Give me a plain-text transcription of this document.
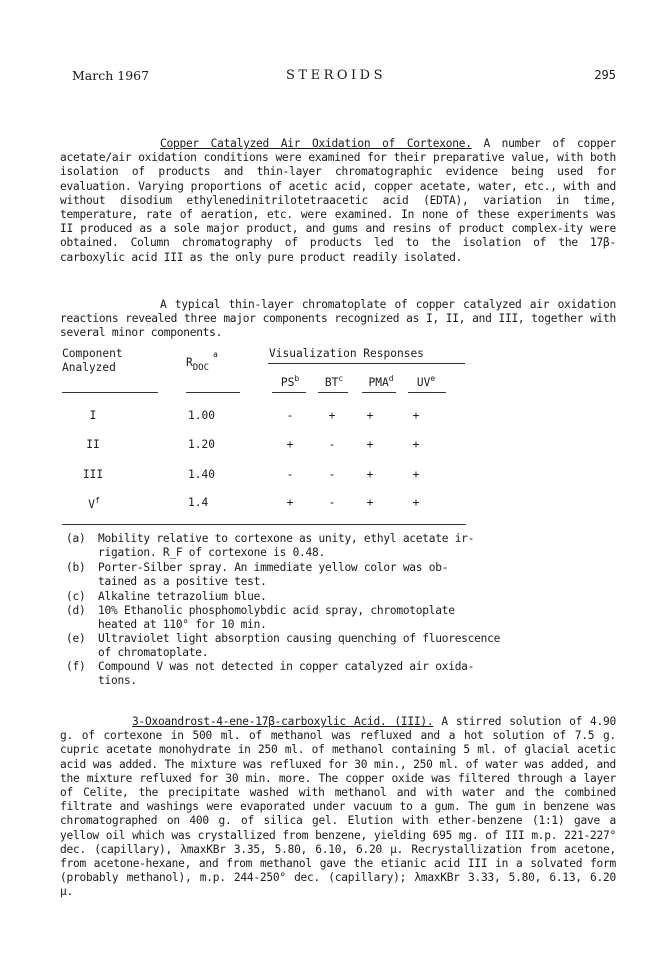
March 1967	STEROIDS	295

Copper Catalyzed Air Oxidation of Cortexone. A number of copper acetate/air oxidation conditions were examined for their preparative value, with both isolation of products and thin-layer chromatographic evidence being used for evaluation. Varying proportions of acetic acid, copper acetate, water, etc., with and without disodium ethylenedinitrilotetraacetic acid (EDTA), variation in time, temperature, rate of aeration, etc. were examined. In none of these experiments was II produced as a sole major product, and gums and resins of product complex-ity were obtained. Column chromatography of products led to the isolation of the 17β-carboxylic acid III as the only pure product readily isolated.

A typical thin-layer chromatoplate of copper catalyzed air oxidation reactions revealed three major components recognized as I, II, and III, together with several minor components.

Component
Analyzed	$R_{DOC}^a$	Visualization Responses
$PS^b$	$BT^c$	PMA$^d$	$UV^e$
I	1.00	-	+	+	+
II	1.20	+	-	+	+
III	1.40	-	-	+	+
$V^f$	1.4	+	-	+	+
(a) Mobility relative to cortexone as unity, ethyl acetate ir-
rigation. R_F of cortexone is 0.48.
(b) Porter-Silber spray. An immediate yellow color was ob-
tained as a positive test.
(c) Alkaline tetrazolium blue.
(d) 10% Ethanolic phosphomolybdic acid spray, chromotoplate
heated at 110° for 10 min.
(e) Ultraviolet light absorption causing quenching of fluorescence
of chromatoplate.
(f) Compound V was not detected in copper catalyzed air oxida-
tions.

3-Oxoandrost-4-ene-17β-carboxylic Acid. (III). A stirred solution of 4.90 g. of cortexone in 500 ml. of methanol was refluxed and a hot solution of 7.5 g. cupric acetate monohydrate in 250 ml. of methanol containing 5 ml. of glacial acetic acid was added. The mixture was refluxed for 30 min., 250 ml. of water was added, and the mixture refluxed for 30 min. more. The copper oxide was filtered through a layer of Celite, the precipitate washed with methanol and with water and the combined filtrate and washings were evaporated under vacuum to a gum. The gum in benzene was chromatographed on 400 g. of silica gel. Elution with ether-benzene (1:1) gave a yellow oil which was crystallized from benzene, yielding 695 mg. of III m.p. 221-227° dec. (capillary), λmaxKBr 3.35, 5.80, 6.10, 6.20 μ. Recrystallization from acetone, from acetone-hexane, and from methanol gave the etianic acid III in a solvated form (probably methanol), m.p. 244-250° dec. (capillary); λmaxKBr 3.33, 5.80, 6.13, 6.20 μ.
